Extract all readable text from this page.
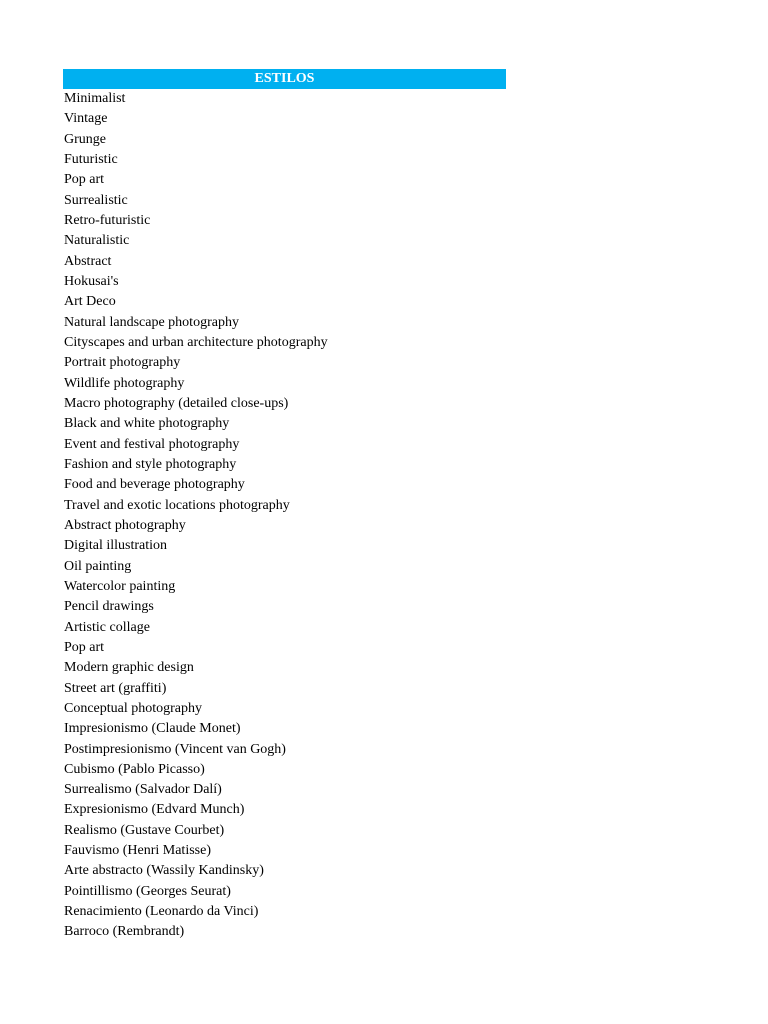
ESTILOS
Minimalist
Vintage
Grunge
Futuristic
Pop art
Surrealistic
Retro-futuristic
Naturalistic
Abstract
Hokusai's
Art Deco
Natural landscape photography
Cityscapes and urban architecture photography
Portrait photography
Wildlife photography
Macro photography (detailed close-ups)
Black and white photography
Event and festival photography
Fashion and style photography
Food and beverage photography
Travel and exotic locations photography
Abstract photography
Digital illustration
Oil painting
Watercolor painting
Pencil drawings
Artistic collage
Pop art
Modern graphic design
Street art (graffiti)
Conceptual photography
Impresionismo (Claude Monet)
Postimpresionismo (Vincent van Gogh)
Cubismo (Pablo Picasso)
Surrealismo (Salvador Dalí)
Expresionismo (Edvard Munch)
Realismo (Gustave Courbet)
Fauvismo (Henri Matisse)
Arte abstracto (Wassily Kandinsky)
Pointillismo (Georges Seurat)
Renacimiento (Leonardo da Vinci)
Barroco (Rembrandt)
